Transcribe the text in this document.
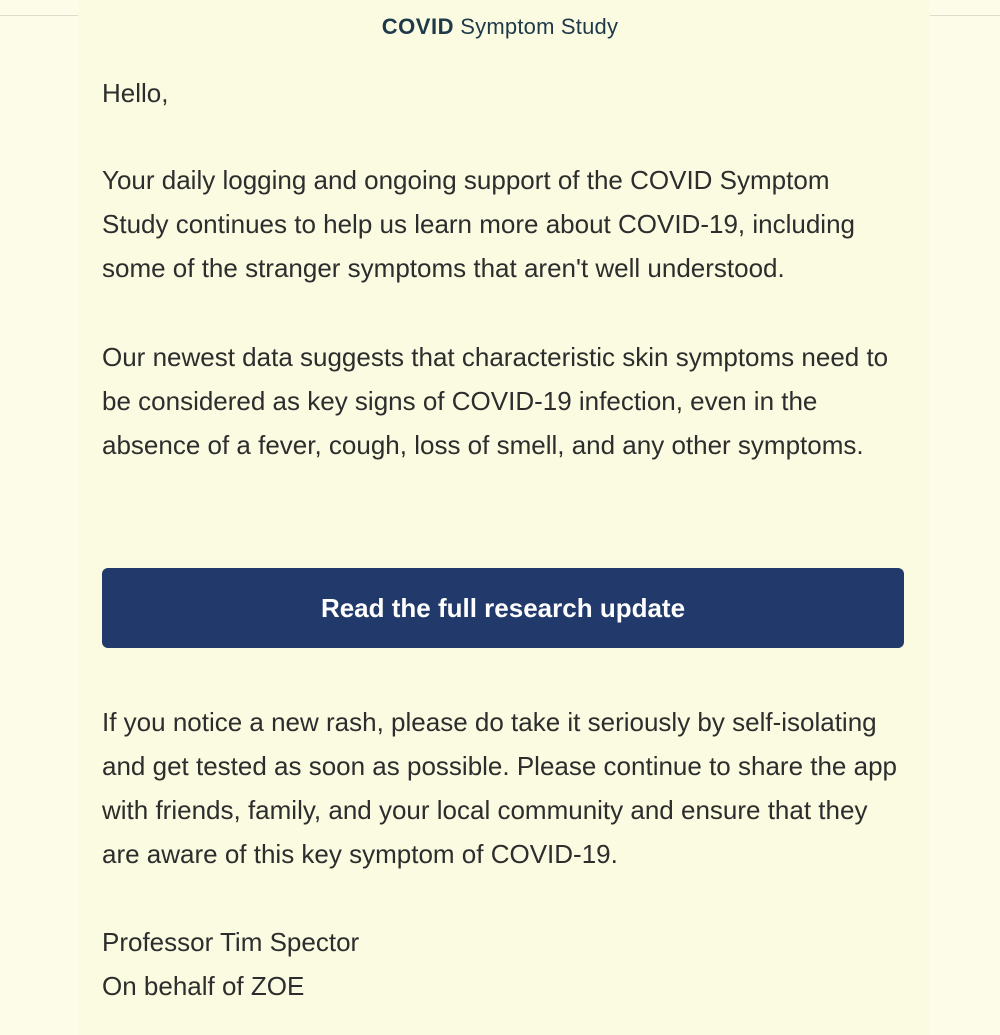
COVID Symptom Study

Hello,

Your daily logging and ongoing support of the COVID Symptom Study continues to help us learn more about COVID-19, including some of the stranger symptoms that aren't well understood.

Our newest data suggests that characteristic skin symptoms need to be considered as key signs of COVID-19 infection, even in the absence of a fever, cough, loss of smell, and any other symptoms.

Read the full research update

If you notice a new rash, please do take it seriously by self-isolating and get tested as soon as possible. Please continue to share the app with friends, family, and your local community and ensure that they are aware of this key symptom of COVID-19.

Professor Tim Spector

On behalf of ZOE
